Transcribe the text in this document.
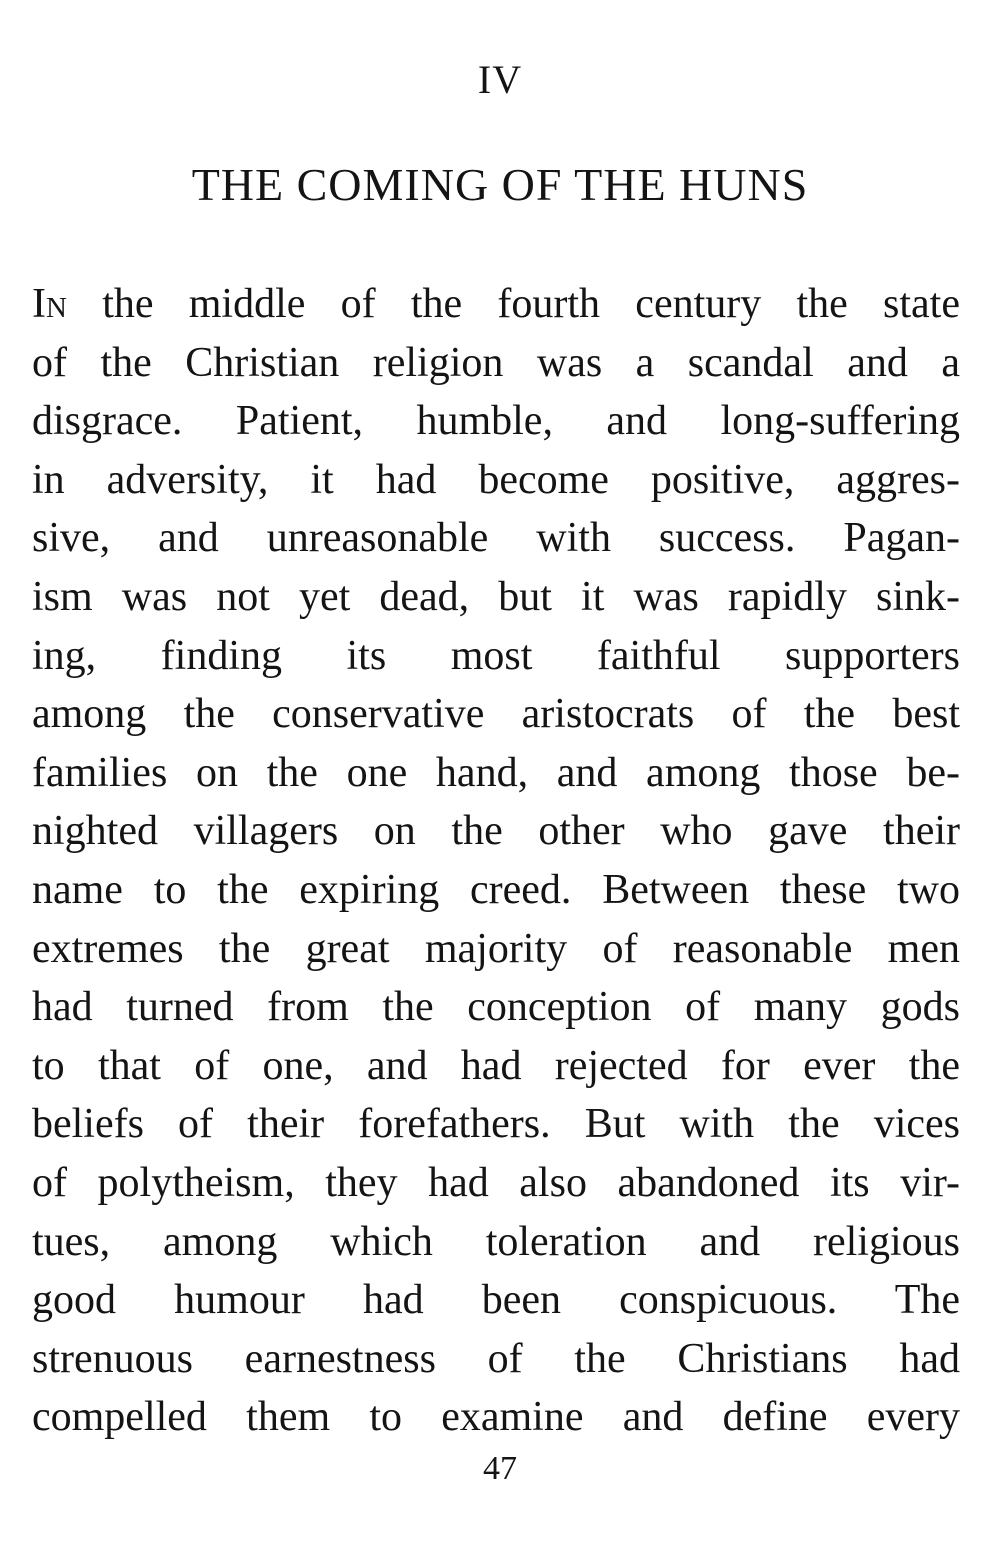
IV
THE COMING OF THE HUNS
In the middle of the fourth century the state
of the Christian religion was a scandal and a
disgrace. Patient, humble, and long-suffering
in adversity, it had become positive, aggres-
sive, and unreasonable with success. Pagan-
ism was not yet dead, but it was rapidly sink-
ing, finding its most faithful supporters
among the conservative aristocrats of the best
families on the one hand, and among those be-
nighted villagers on the other who gave their
name to the expiring creed. Between these two
extremes the great majority of reasonable men
had turned from the conception of many gods
to that of one, and had rejected for ever the
beliefs of their forefathers. But with the vices
of polytheism, they had also abandoned its vir-
tues, among which toleration and religious
good humour had been conspicuous. The
strenuous earnestness of the Christians had
compelled them to examine and define every
47
